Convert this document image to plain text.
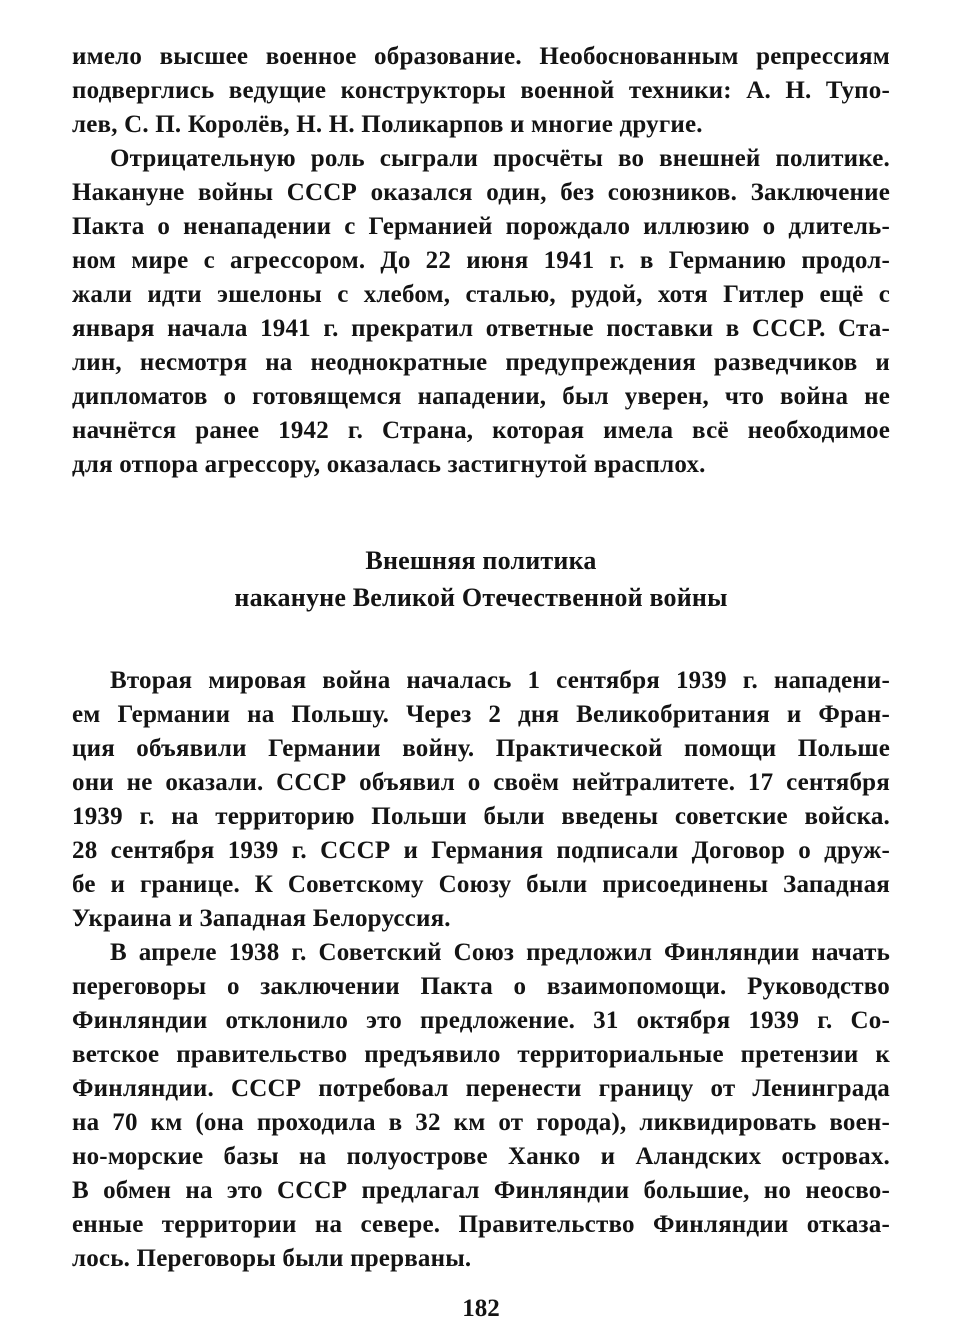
имело высшее военное образование. Необоснованным репрессиям
подверглись ведущие конструкторы военной техники: А. Н. Тупо-
лев, С. П. Королёв, Н. Н. Поликарпов и многие другие.
Отрицательную роль сыграли просчёты во внешней политике.
Накануне войны СССР оказался один, без союзников. Заключение
Пакта о ненападении с Германией порождало иллюзию о длитель-
ном мире с агрессором. До 22 июня 1941 г. в Германию продол-
жали идти эшелоны с хлебом, сталью, рудой, хотя Гитлер ещё с
января начала 1941 г. прекратил ответные поставки в СССР. Ста-
лин, несмотря на неоднократные предупреждения разведчиков и
дипломатов о готовящемся нападении, был уверен, что война не
начнётся ранее 1942 г. Страна, которая имела всё необходимое
для отпора агрессору, оказалась застигнутой врасплох.
Внешняя политика
накануне Великой Отечественной войны
Вторая мировая война началась 1 сентября 1939 г. нападени-
ем Германии на Польшу. Через 2 дня Великобритания и Фран-
ция объявили Германии войну. Практической помощи Польше
они не оказали. СССР объявил о своём нейтралитете. 17 сентября
1939 г. на территорию Польши были введены советские войска.
28 сентября 1939 г. СССР и Германия подписали Договор о друж-
бе и границе. К Советскому Союзу были присоединены Западная
Украина и Западная Белоруссия.
В апреле 1938 г. Советский Союз предложил Финляндии начать
переговоры о заключении Пакта о взаимопомощи. Руководство
Финляндии отклонило это предложение. 31 октября 1939 г. Со-
ветское правительство предъявило территориальные претензии к
Финляндии. СССР потребовал перенести границу от Ленинграда
на 70 км (она проходила в 32 км от города), ликвидировать воен-
но-морские базы на полуострове Ханко и Аландских островах.
В обмен на это СССР предлагал Финляндии большие, но неосво-
енные территории на севере. Правительство Финляндии отказа-
лось. Переговоры были прерваны.
182
